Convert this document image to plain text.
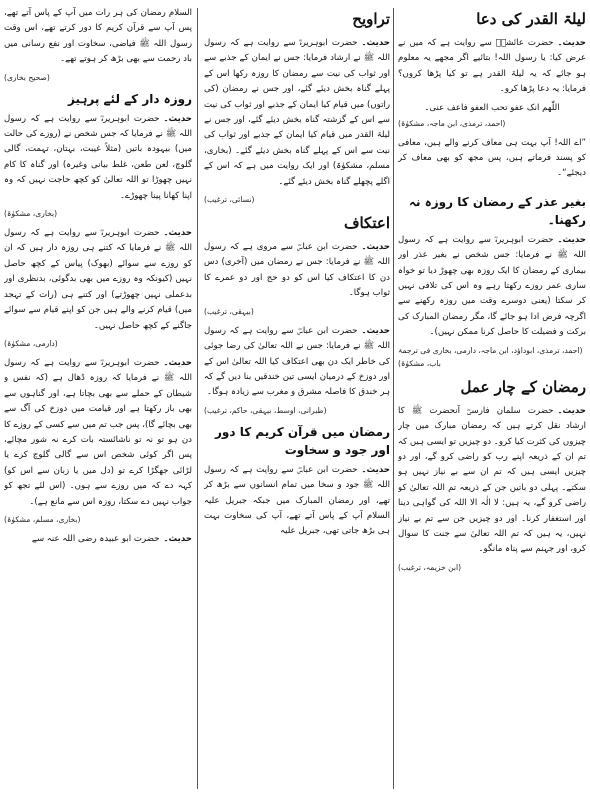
لیلۃ القدر کی دعا

حدیث۔حضرت عائشہؓ سے روایت ہے کہ میں نے عرض کیا: یا رسول اللہ! بتائیے اگر مجھے یہ معلوم ہو جائے کہ یہ لیلۃ القدر ہے تو کیا پڑھا کروں؟ فرمایا: یہ دعا پڑھا کرو۔

اللّٰھم انک عفو تحب العفو فاعف عنی۔
(احمد، ترمذی، ابن ماجہ، مشکوٰۃ)

”اے اللہ! آپ بہت ہی معاف کرنے والے ہیں، معافی کو پسند فرماتے ہیں، پس مجھ کو بھی معاف کر دیجئے“۔

بغیر عذر کے رمضان کا روزہ نہ رکھنا۔

حدیث۔حضرت ابوہریرہؓ سے روایت ہے کہ رسول اللہ ﷺ نے فرمایا: جس شخص نے بغیر عذر اور بیماری کے رمضان کا ایک روزہ بھی چھوڑ دیا تو خواہ ساری عمر روزے رکھتا رہے وہ اس کی تلافی نہیں کر سکتا (یعنی دوسرے وقت میں روزہ رکھنے سے اگرچہ فرض ادا ہو جائے گا، مگر رمضان المبارک کی برکت و فضیلت کا حاصل کرنا ممکن نہیں)۔

(احمد، ترمذی، ابوداؤد، ابن ماجہ، دارمی، بخاری فی ترجمۃ باب، مشکوٰۃ)
رمضان کے چار عمل

حدیث۔حضرت سلمان فارسیؓ آنحضرت ﷺ کا ارشاد نقل کرتے ہیں کہ رمضان مبارک میں چار چیزوں کی کثرت کیا کرو۔ دو چیزیں تو ایسی ہیں کہ تم ان کے ذریعہ اپنے رب کو راضی کرو گے، اور دو چیزیں ایسی ہیں کہ تم ان سے بے نیاز نہیں ہو سکتے۔ پہلی دو باتیں جن کے ذریعہ تم اللہ تعالیٰ کو راضی کرو گے، یہ ہیں: لا الٰہ الا اللہ کی گواہی دینا اور استغفار کرنا۔ اور دو چیزیں جن سے تم بے نیاز نہیں، یہ ہیں کہ تم اللہ تعالیٰ سے جنت کا سوال کرو، اور جہنم سے پناہ مانگو۔

(ابن خزیمہ، ترغیب)
تراویح

حدیث۔حضرت ابوہریرہؓ سے روایت ہے کہ رسول اللہ ﷺ نے ارشاد فرمایا: جس نے ایمان کے جذبے سے اور ثواب کی نیت سے رمضان کا روزہ رکھا اس کے پہلے گناہ بخش دیئے گئے، اور جس نے رمضان (کی راتوں) میں قیام کیا ایمان کے جذبے اور ثواب کی نیت سے اس کے گزشتہ گناہ بخش دیئے گئے، اور جس نے لیلۃ القدر میں قیام کیا ایمان کے جذبے اور ثواب کی نیت سے اس کے پہلے گناہ بخش دیئے گئے۔ (بخاری، مسلم، مشکوٰۃ) اور ایک روایت میں ہے کہ اس کے اگلے پچھلے گناہ بخش دیئے گئے۔

(نسائی، ترغیب)
اعتکاف

حدیث۔حضرت ابن عباسؓ سے مروی ہے کہ رسول اللہ ﷺ نے فرمایا: جس نے رمضان میں (آخری) دس دن کا اعتکاف کیا اس کو دو حج اور دو عمرے کا ثواب ہوگا۔

(بیہقی، ترغیب)

حدیث۔حضرت ابن عباسؓ سے روایت ہے کہ رسول اللہ ﷺ نے فرمایا: جس نے اللہ تعالیٰ کی رضا جوئی کی خاطر ایک دن بھی اعتکاف کیا اللہ تعالیٰ اس کے اور دوزخ کے درمیان ایسی تین خندقیں بنا دیں گے کہ ہر خندق کا فاصلہ مشرق و مغرب سے زیادہ ہوگا۔

(طبرانی، اوسط، بیہقی، حاکم، ترغیب)
رمضان میں قرآن کریم کا دور اور جود و سخاوت

حدیث۔حضرت ابن عباسؓ سے روایت ہے کہ رسول اللہ ﷺ جود و سخا میں تمام انسانوں سے بڑھ کر تھے، اور رمضان المبارک میں جبکہ جبریل علیہ السلام آپ کے پاس آتے تھے، آپ کی سخاوت بہت ہی بڑھ جاتی تھی، جبریل علیہ

السلام رمضان کی ہر رات میں آپ کے پاس آتے تھے، پس آپ سے قرآن کریم کا دور کرتے تھے، اس وقت رسول اللہ ﷺ فیاضی، سخاوت اور نفع رسانی میں باد رحمت سے بھی بڑھ کر ہوتے تھے۔

(صحیح بخاری)
روزہ دار کے لئے پرہیز

حدیث۔حضرت ابوہریرہؓ سے روایت ہے کہ رسول اللہ ﷺ نے فرمایا کہ جس شخص نے (روزے کی حالت میں) بیہودہ باتیں (مثلاً غیبت، بہتان، تہمت، گالی گلوچ، لعن طعن، غلط بیانی وغیرہ) اور گناہ کا کام نہیں چھوڑا تو اللہ تعالیٰ کو کچھ حاجت نہیں کہ وہ اپنا کھانا پینا چھوڑے۔

(بخاری، مشکوٰۃ)

حدیث۔حضرت ابوہریرہؓ سے روایت ہے کہ رسول اللہ ﷺ نے فرمایا کہ کتنے ہی روزہ دار ہیں کہ ان کو روزے سے سوائے (بھوک) پیاس کے کچھ حاصل نہیں (کیونکہ وہ روزے میں بھی بدگوئی، بدنظری اور بدعملی نہیں چھوڑتے) اور کتنے ہی (رات کے تہجد میں) قیام کرنے والے ہیں جن کو اپنے قیام سے سوائے جاگنے کے کچھ حاصل نہیں۔

(دارمی، مشکوٰۃ)

حدیث۔حضرت ابوہریرہؓ سے روایت ہے کہ رسول اللہ ﷺ نے فرمایا کہ روزہ ڈھال ہے (کہ نفس و شیطان کے حملے سے بھی بچاتا ہے، اور گناہوں سے بھی باز رکھتا ہے اور قیامت میں دوزخ کی آگ سے بھی بچائے گا)، پس جب تم میں سے کسی کے روزے کا دن ہو تو نہ تو ناشائستہ بات کرے نہ شور مچائے، پس اگر کوئی شخص اس سے گالی گلوچ کرے یا لڑائی جھگڑا کرے تو (دل میں یا زبان سے اس کو) کہہ دے کہ میں روزے سے ہوں۔ (اس لئے تجھ کو جواب نہیں دے سکتا، روزہ اس سے مانع ہے)۔

(بخاری، مسلم، مشکوٰۃ)

حدیث۔حضرت ابو عبیدہ رضی اللہ عنہ سے
